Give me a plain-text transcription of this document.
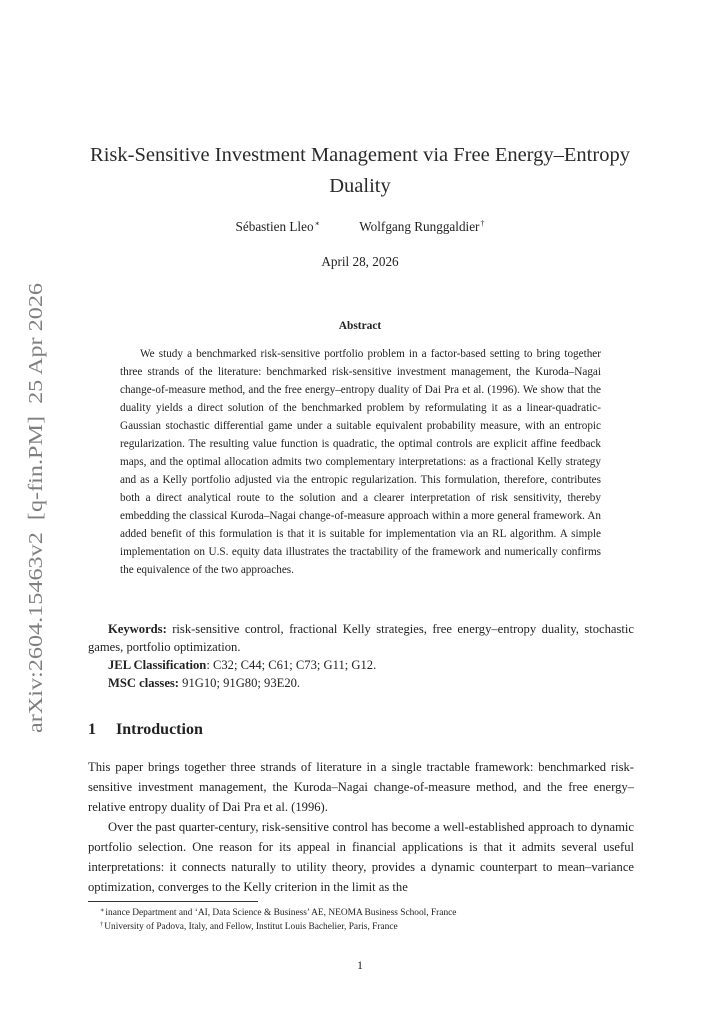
arXiv:2604.15463v2  [q-fin.PM]  25 Apr 2026
Risk-Sensitive Investment Management via Free Energy–Entropy
Duality
Sébastien Lleo∗	Wolfgang Runggaldier†
April 28, 2026
Abstract

We study a benchmarked risk-sensitive portfolio problem in a factor-based setting to bring together three strands of the literature: benchmarked risk-sensitive investment management, the Kuroda–Nagai change-of-measure method, and the free energy–entropy duality of Dai Pra et al. (1996). We show that the duality yields a direct solution of the benchmarked problem by reformulating it as a linear-quadratic-Gaussian stochastic differential game under a suitable equivalent probability measure, with an entropic regularization. The resulting value function is quadratic, the optimal controls are explicit affine feedback maps, and the optimal allocation admits two complementary interpretations: as a fractional Kelly strategy and as a Kelly portfolio adjusted via the entropic regularization. This formulation, therefore, contributes both a direct analytical route to the solution and a clearer interpretation of risk sensitivity, thereby embedding the classical Kuroda–Nagai change-of-measure approach within a more general framework. An added benefit of this formulation is that it is suitable for implementation via an RL algorithm. A simple implementation on U.S. equity data illustrates the tractability of the framework and numerically confirms the equivalence of the two approaches.

Keywords: risk-sensitive control, fractional Kelly strategies, free energy–entropy duality, stochastic games, portfolio optimization.

JEL Classification: C32; C44; C61; C73; G11; G12.

MSC classes: 91G10; 91G80; 93E20.

1 Introduction

This paper brings together three strands of literature in a single tractable framework: benchmarked risk-sensitive investment management, the Kuroda–Nagai change-of-measure method, and the free energy–relative entropy duality of Dai Pra et al. (1996).

Over the past quarter-century, risk-sensitive control has become a well-established approach to dynamic portfolio selection. One reason for its appeal in financial applications is that it admits several useful interpretations: it connects naturally to utility theory, provides a dynamic counterpart to mean–variance optimization, converges to the Kelly criterion in the limit as the

∗inance Department and ‘AI, Data Science & Business’ AE, NEOMA Business School, France
†University of Padova, Italy, and Fellow, Institut Louis Bachelier, Paris, France
1
